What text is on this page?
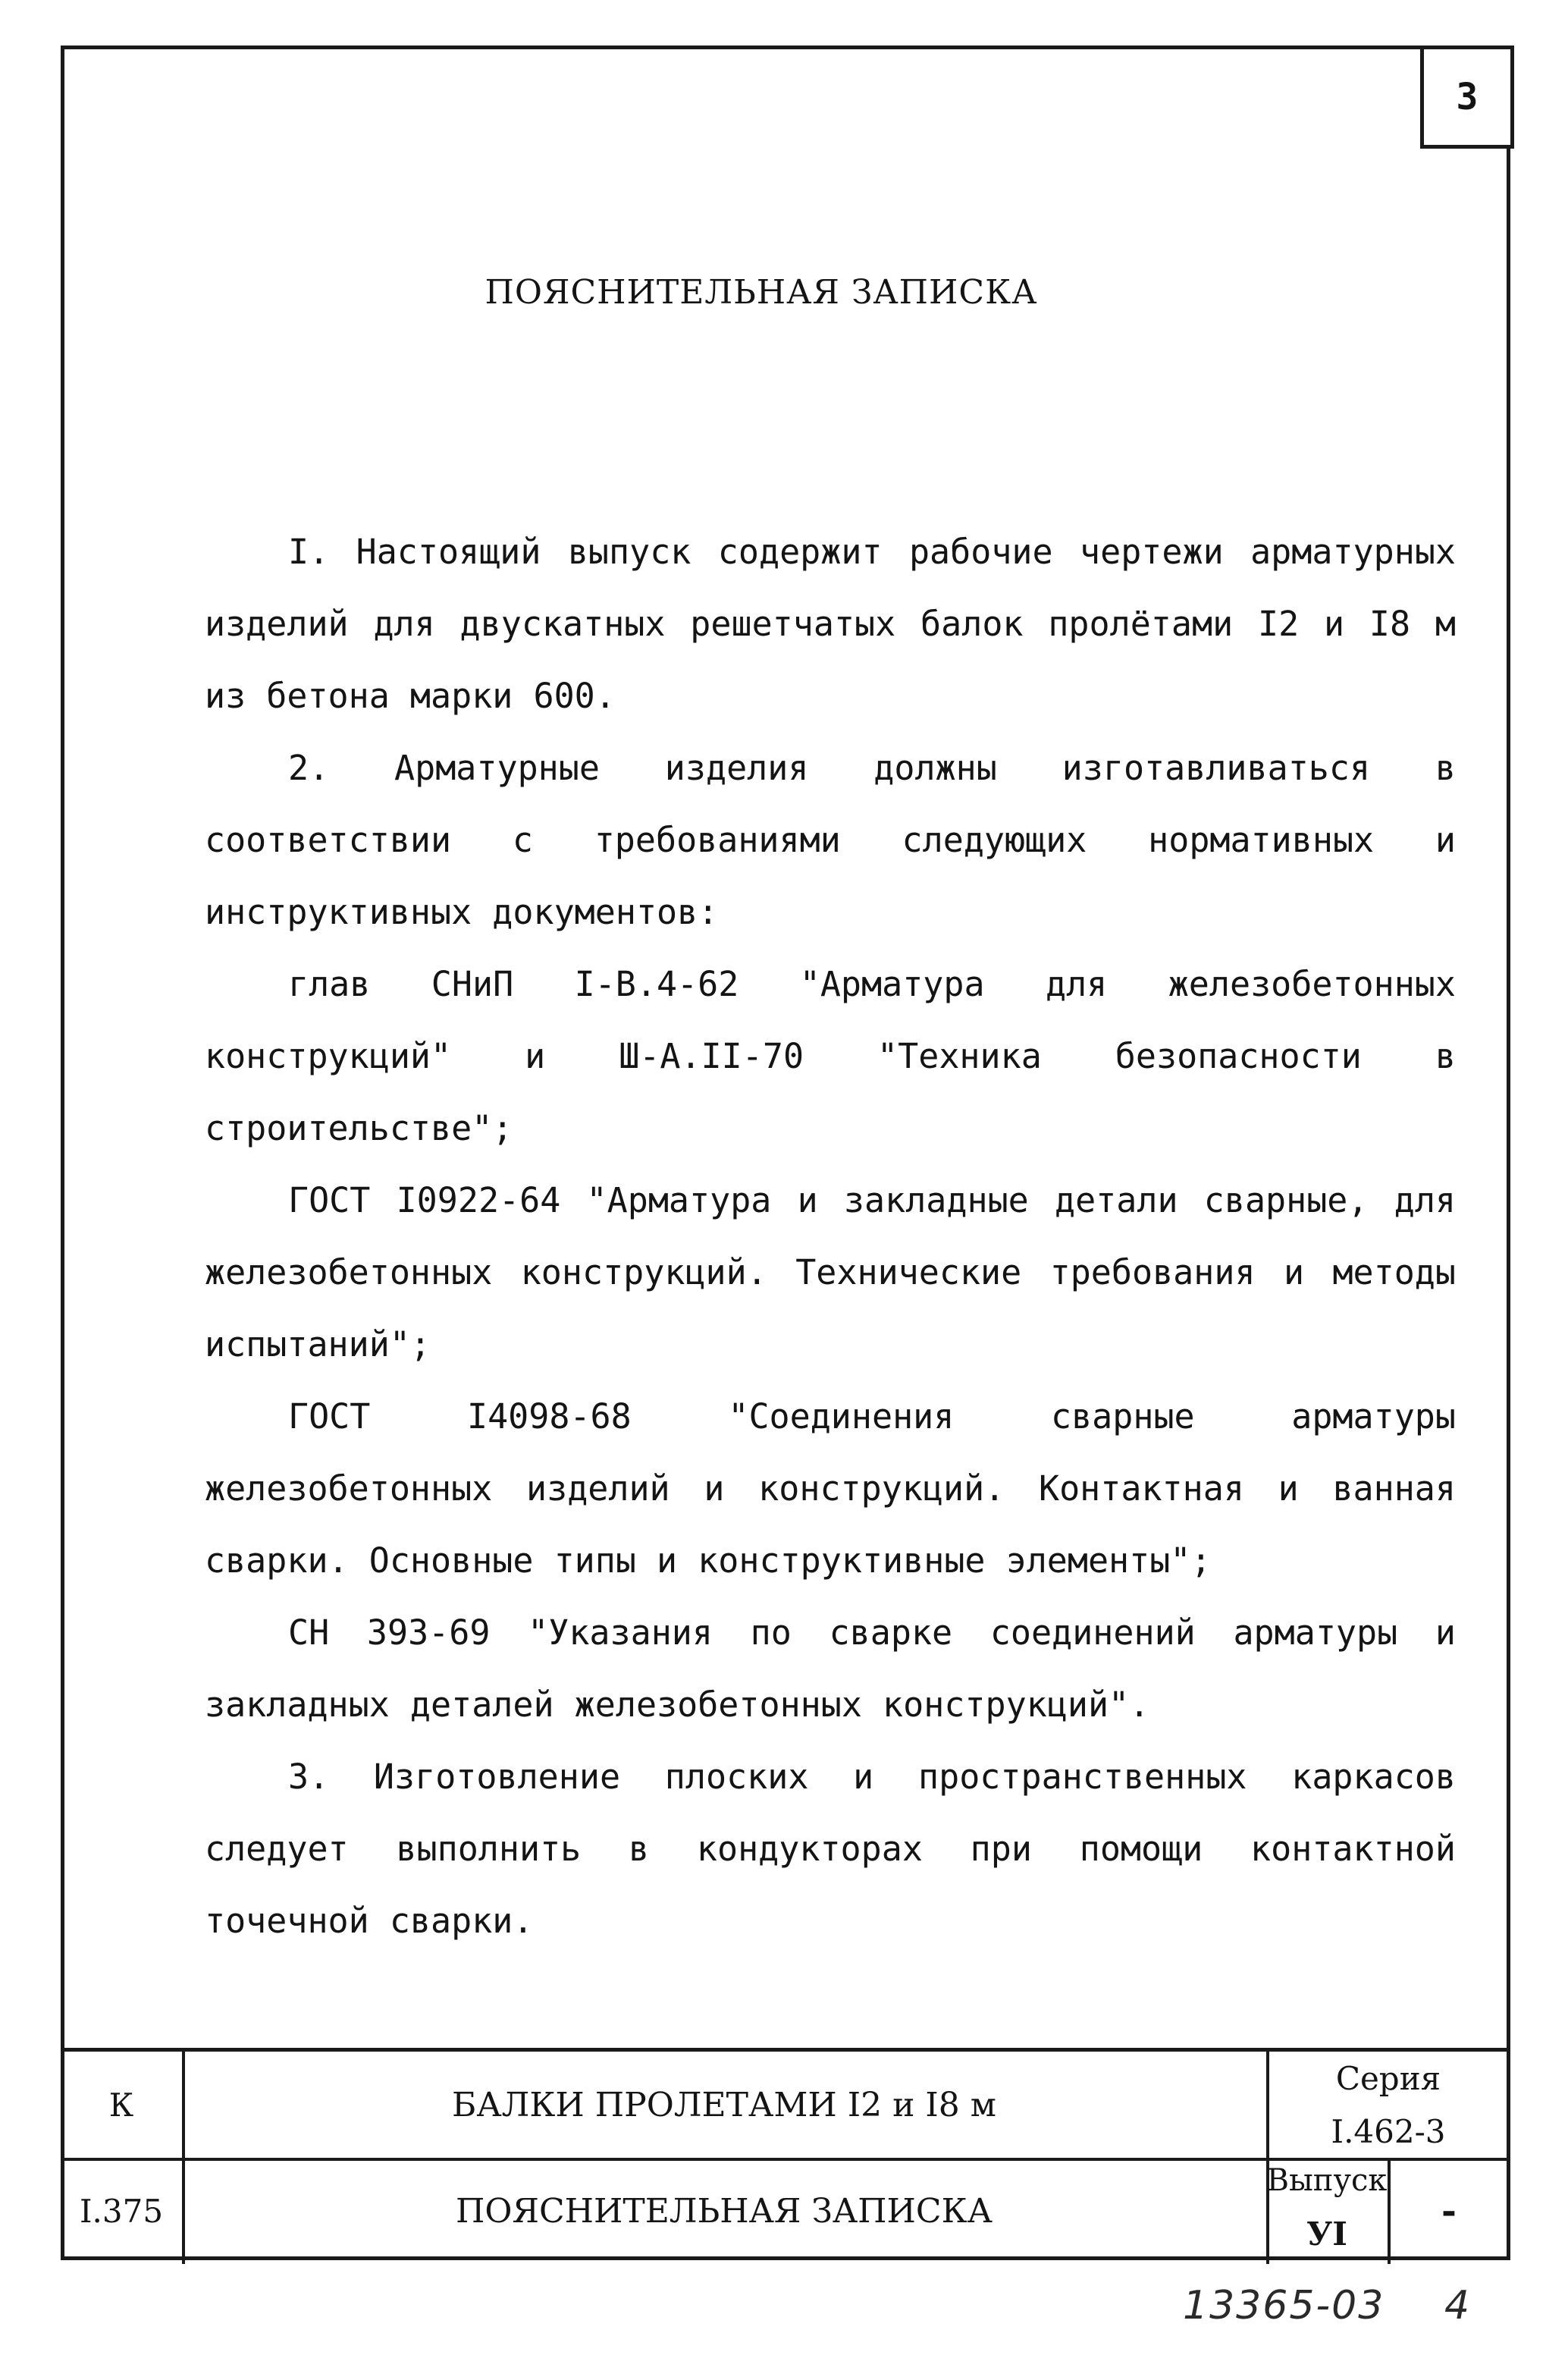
3
ПОЯСНИТЕЛЬНАЯ ЗАПИСКА

I. Настоящий выпуск содержит рабочие чертежи арматурных изделий для двускатных решетчатых балок пролётами I2 и I8 м из бетона марки 600.

2. Арматурные изделия должны изготавливаться в соответствии с требованиями следующих нормативных и инструктивных документов:

глав СНиП I-В.4-62 "Арматура для железобетонных конструкций" и Ш-А.II-70 "Техника безопасности в строительстве";

ГОСТ I0922-64 "Арматура и закладные детали сварные, для железобетонных конструкций. Технические требования и методы испытаний";

ГОСТ I4098-68 "Соединения сварные арматуры железобетонных изделий и конструкций. Контактная и ванная сварки. Основные типы и конструктивные элементы";

СН 393-69 "Указания по сварке соединений арматуры и закладных деталей железобетонных конструкций".

3. Изготовление плоских и пространственных каркасов следует выполнить в кондукторах при помощи контактной точечной сварки.

К
I.375
БАЛКИ ПРОЛЕТАМИ I2 и I8 м
ПОЯСНИТЕЛЬНАЯ ЗАПИСКА
Серия
I.462-3
Выпуск
УI
-
13365-03 4
